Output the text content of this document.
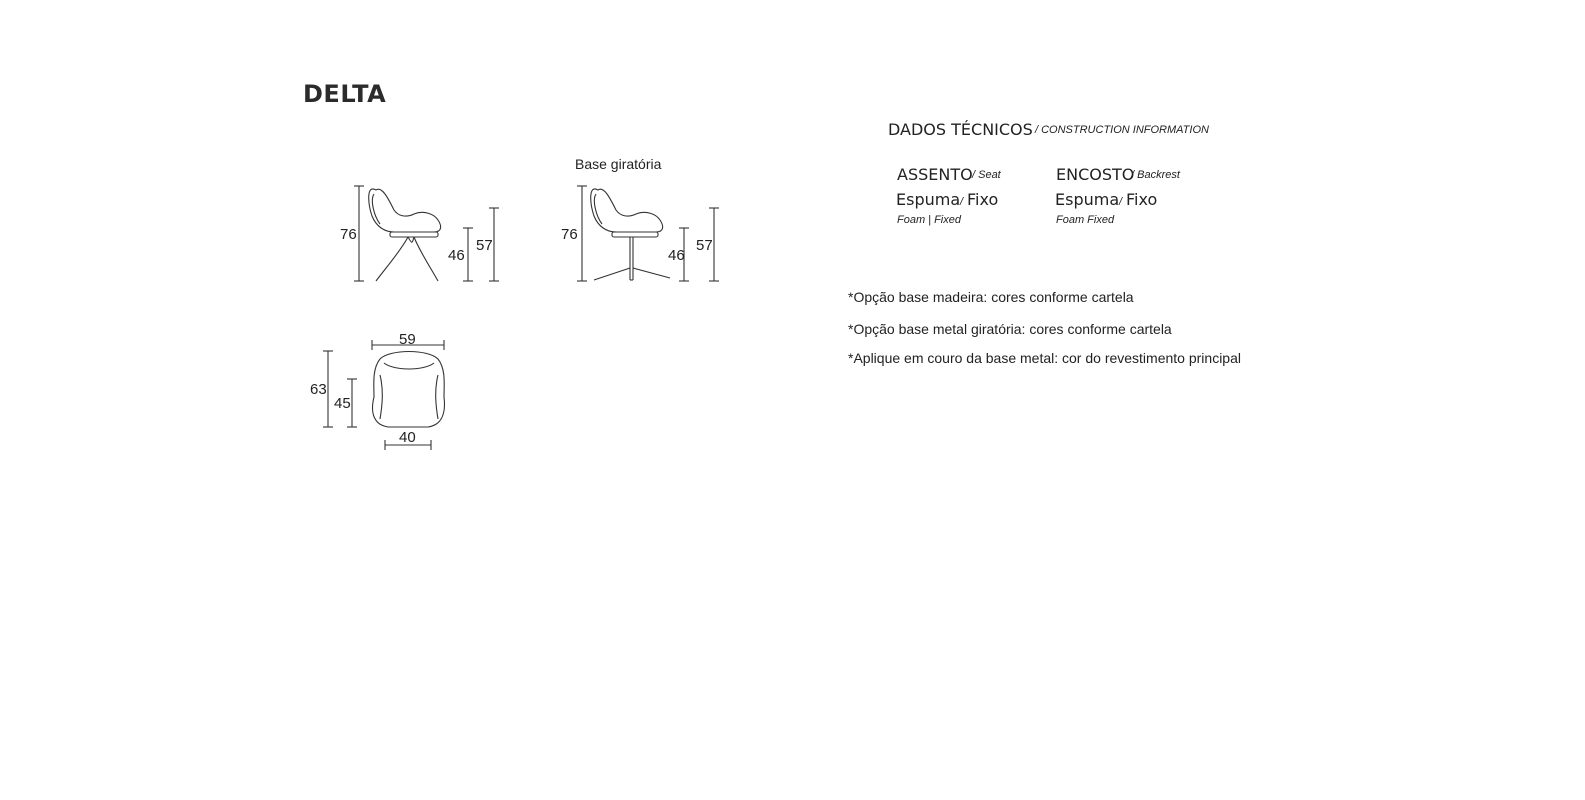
DELTA
76
46
57
Base giratória
76
46
57
59
63
45
40
DADOS TÉCNICOS / CONSTRUCTION INFORMATION
ASSENTO / Seat
Espuma / Fixo
Foam | Fixed
ENCOSTO
/ Backrest
Espuma / Fixo
Foam Fixed
*Opção base madeira: cores conforme cartela
*Opção base metal giratória: cores conforme cartela
*Aplique em couro da base metal: cor do revestimento principal
